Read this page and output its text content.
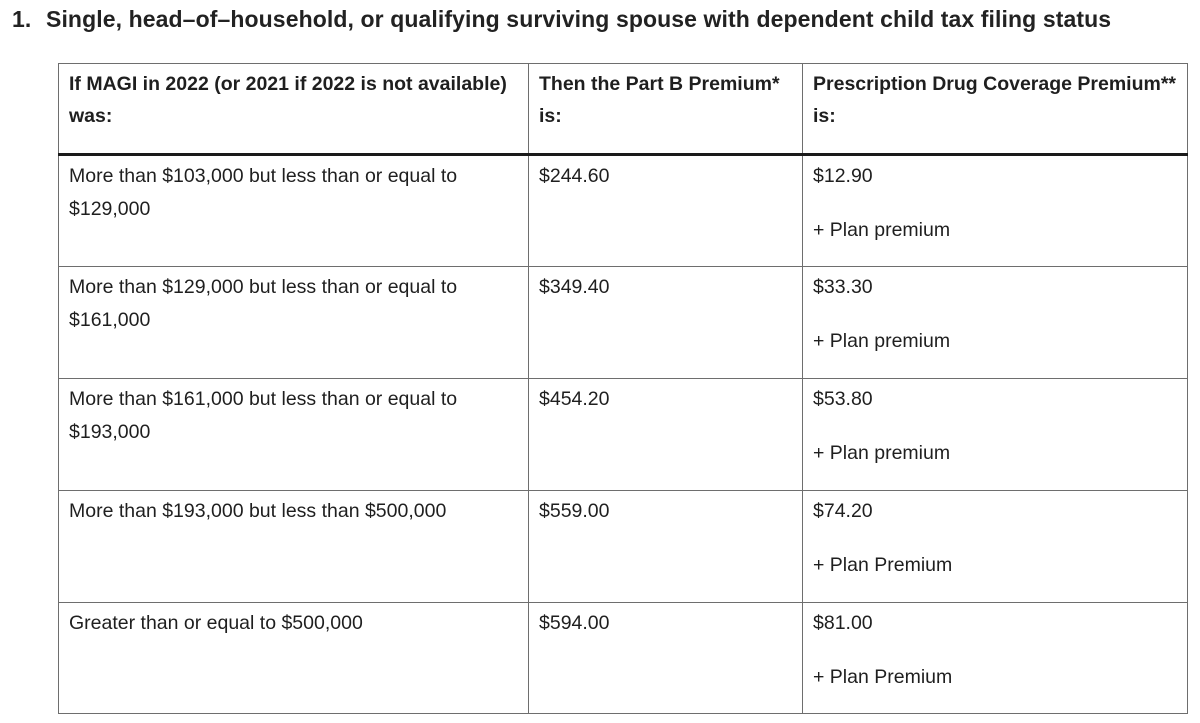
1. Single, head–of–household, or qualifying surviving spouse with dependent child tax filing status
If MAGI in 2022 (or 2021 if 2022 is not available) was:	Then the Part B Premium* is:	Prescription Drug Coverage Premium** is:
More than $103,000 but less than or equal to $129,000	$244.60	$12.90
+ Plan premium

More than $129,000 but less than or equal to $161,000	$349.40	$33.30
+ Plan premium

More than $161,000 but less than or equal to $193,000	$454.20	$53.80
+ Plan premium

More than $193,000 but less than $500,000	$559.00	$74.20
+ Plan Premium

Greater than or equal to $500,000	$594.00	$81.00
+ Plan Premium
